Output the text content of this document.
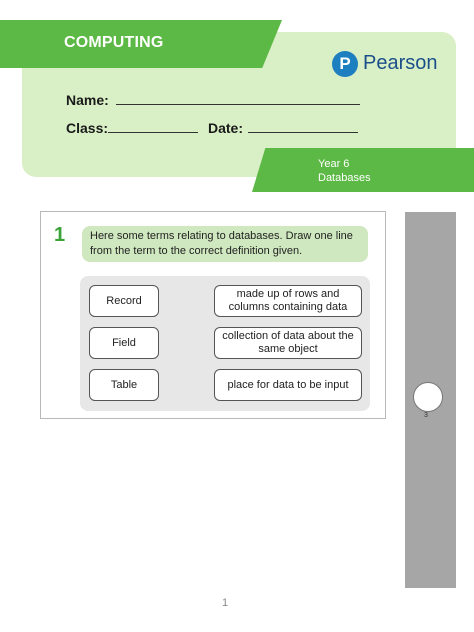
COMPUTING
P Pearson
Name:
Class:	Date:
Year 6
Databases
1	Here some terms relating to databases. Draw one line from the term to the correct definition given.
Record
Field
Table
made up of rows and columns containing data
collection of data about the same object
place for data to be input
3
1
